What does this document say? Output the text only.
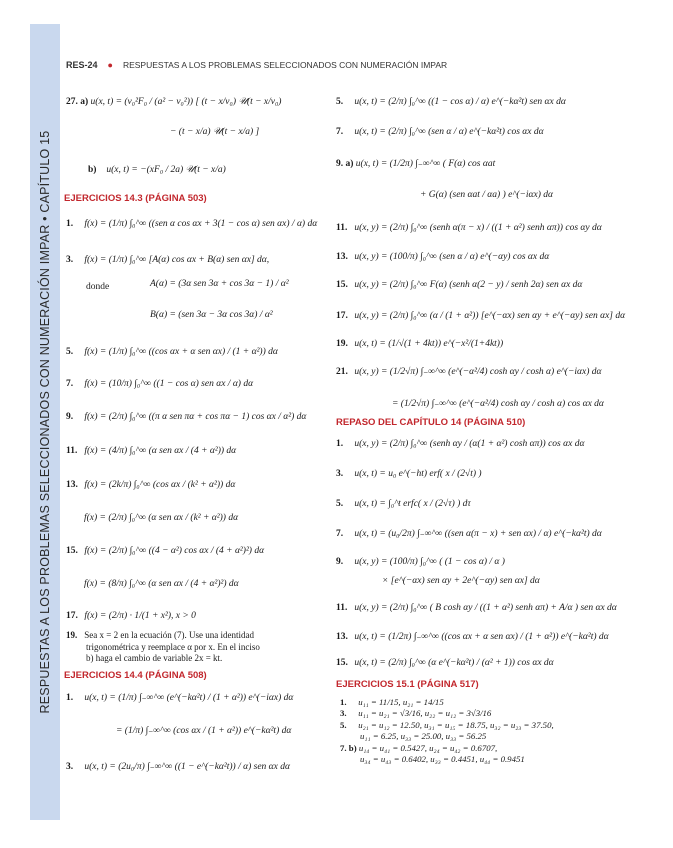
RESPUESTAS A LOS PROBLEMAS SELECCIONADOS CON NUMERACIÓN IMPAR • CAPÍTULO 15
RES-24 ● RESPUESTAS A LOS PROBLEMAS SELECCIONADOS CON NUMERACIÓN IMPAR
27. a) u(x, t) = (v₀²F₀ / (a² − v₀²)) [ (t − x/v₀) 𝒰(t − x/v₀)
− (t − x/a) 𝒰(t − x/a) ]
b) u(x, t) = −(xF₀ / 2a) 𝒰(t − x/a)
EJERCICIOS 14.3 (PÁGINA 503)
1. f(x) = (1/π) ∫₀^∞ ((sen α cos αx + 3(1 − cos α) sen αx) / α) dα
3. f(x) = (1/π) ∫₀^∞ [A(α) cos αx + B(α) sen αx] dα,
donde	A(α) = (3α sen 3α + cos 3α − 1) / α²
B(α) = (sen 3α − 3α cos 3α) / α²
5. f(x) = (1/π) ∫₀^∞ ((cos αx + α sen αx) / (1 + α²)) dα
7. f(x) = (10/π) ∫₀^∞ ((1 − cos α) sen αx / α) dα
9. f(x) = (2/π) ∫₀^∞ ((π α sen πα + cos πα − 1) cos αx / α²) dα
11. f(x) = (4/π) ∫₀^∞ (α sen αx / (4 + α²)) dα
13. f(x) = (2k/π) ∫₀^∞ (cos αx / (k² + α²)) dα
f(x) = (2/π) ∫₀^∞ (α sen αx / (k² + α²)) dα
15. f(x) = (2/π) ∫₀^∞ ((4 − α²) cos αx / (4 + α²)²) dα
f(x) = (8/π) ∫₀^∞ (α sen αx / (4 + α²)²) dα
17. f(x) = (2/π) · 1/(1 + x²), x > 0
19. Sea x = 2 en la ecuación (7). Use una identidad
trigonométrica y reemplace α por x. En el inciso
b) haga el cambio de variable 2x = kt.
EJERCICIOS 14.4 (PÁGINA 508)
1. u(x, t) = (1/π) ∫₋∞^∞ (e^(−kα²t) / (1 + α²)) e^(−iαx) dα
= (1/π) ∫₋∞^∞ (cos αx / (1 + α²)) e^(−kα²t) dα
3. u(x, t) = (2u₀/π) ∫₋∞^∞ ((1 − e^(−kα²t)) / α) sen αx dα
5. u(x, t) = (2/π) ∫₀^∞ ((1 − cos α) / α) e^(−kα²t) sen αx dα
7. u(x, t) = (2/π) ∫₀^∞ (sen α / α) e^(−kα²t) cos αx dα
9. a) u(x, t) = (1/2π) ∫₋∞^∞ ( F(α) cos αat
+ G(α) (sen αat / αa) ) e^(−iαx) dα
11. u(x, y) = (2/π) ∫₀^∞ (senh α(π − x) / ((1 + α²) senh απ)) cos αy dα
13. u(x, y) = (100/π) ∫₀^∞ (sen α / α) e^(−αy) cos αx dα
15. u(x, y) = (2/π) ∫₀^∞ F(α) (senh α(2 − y) / senh 2α) sen αx dα
17. u(x, y) = (2/π) ∫₀^∞ (α / (1 + α²)) [e^(−αx) sen αy + e^(−αy) sen αx] dα
19. u(x, t) = (1/√(1 + 4kt)) e^(−x²/(1+4kt))
21. u(x, y) = (1/2√π) ∫₋∞^∞ (e^(−α²/4) cosh αy / cosh α) e^(−iαx) dα
= (1/2√π) ∫₋∞^∞ (e^(−α²/4) cosh αy / cosh α) cos αx dα
REPASO DEL CAPÍTULO 14 (PÁGINA 510)
1. u(x, y) = (2/π) ∫₀^∞ (senh αy / (α(1 + α²) cosh απ)) cos αx dα
3. u(x, t) = u₀ e^(−ht) erf( x / (2√t) )
5. u(x, t) = ∫₀^t erfc( x / (2√τ) ) dτ
7. u(x, t) = (u₀/2π) ∫₋∞^∞ ((sen α(π − x) + sen αx) / α) e^(−kα²t) dα
9. u(x, y) = (100/π) ∫₀^∞ ( (1 − cos α) / α )
× [e^(−αx) sen αy + 2e^(−αy) sen αx] dα
11. u(x, y) = (2/π) ∫₀^∞ ( B cosh αy / ((1 + α²) senh απ) + A/α ) sen αx dα
13. u(x, t) = (1/2π) ∫₋∞^∞ ((cos αx + α sen αx) / (1 + α²)) e^(−kα²t) dα
15. u(x, t) = (2/π) ∫₀^∞ (α e^(−kα²t) / (α² + 1)) cos αx dα
EJERCICIOS 15.1 (PÁGINA 517)
1. u₁₁ = 11/15, u₂₁ = 14/15
3. u₁₁ = u₂₁ = √3/16, u₂₂ = u₁₂ = 3√3/16
5. u₂₁ = u₁₂ = 12.50, u₃₁ = u₁₅ = 18.75, u₃₂ = u₂₃ = 37.50,
u₁₁ = 6.25, u₃₃ = 25.00, u₃₃ = 56.25
7. b) u₁₄ = u₄₁ = 0.5427, u₂₄ = u₄₂ = 0.6707,
u₃₄ = u₄₃ = 0.6402, u₃₃ = 0.4451, u₄₄ = 0.9451
